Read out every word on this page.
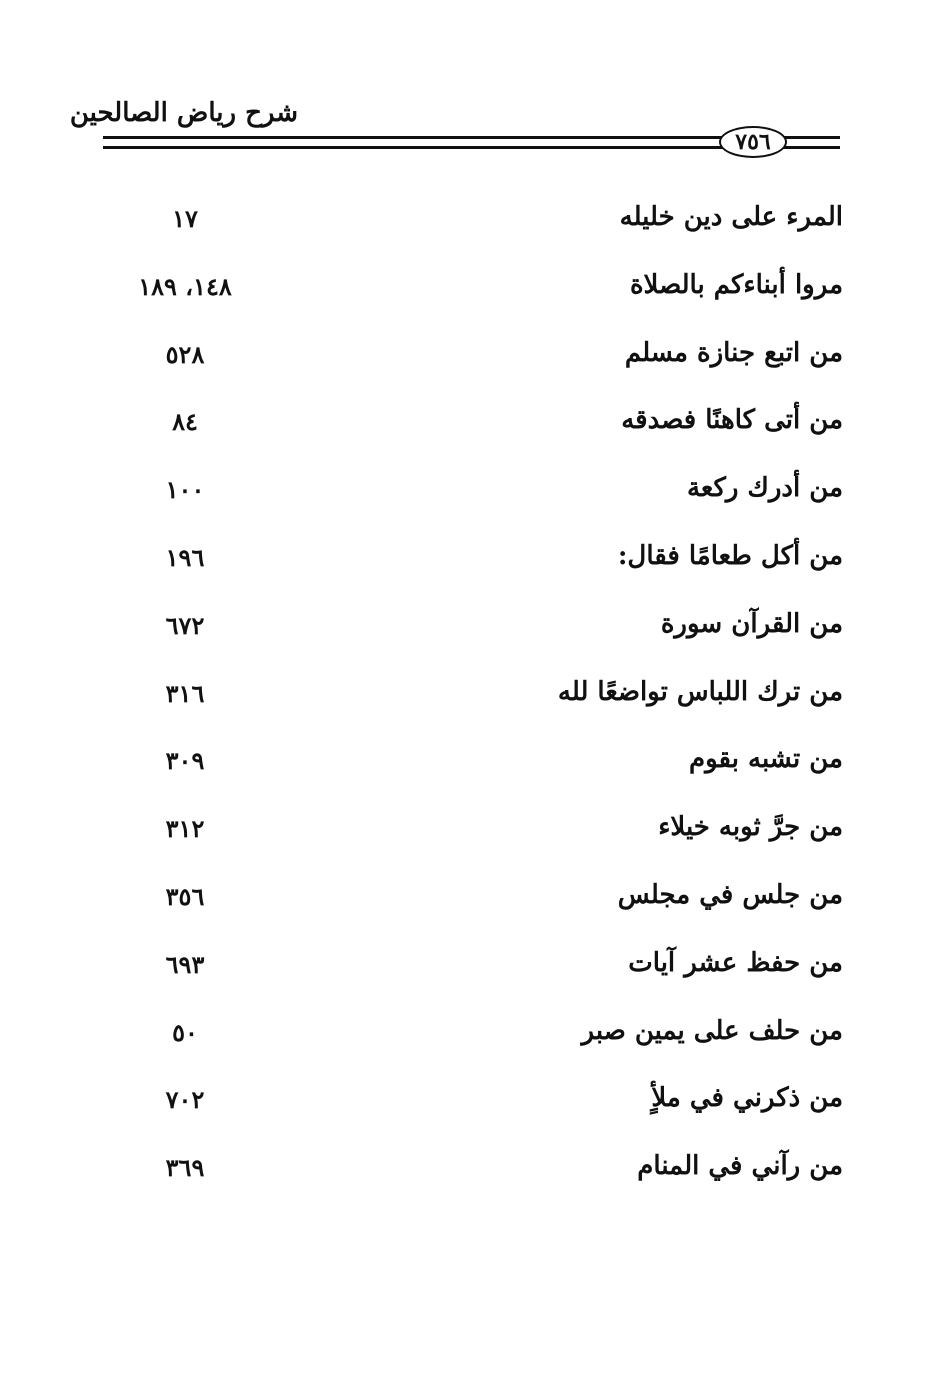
شرح رياض الصالحين
٧٥٦
المرء على دين خليله
١٧
مروا أبناءكم بالصلاة
١٤٨، ١٨٩
من اتبع جنازة مسلم
٥٢٨
من أتى كاهنًا فصدقه
٨٤
من أدرك ركعة
١٠٠
من أكل طعامًا فقال:
١٩٦
من القرآن سورة
٦٧٢
من ترك اللباس تواضعًا لله
٣١٦
من تشبه بقوم
٣٠٩
من جرَّ ثوبه خيلاء
٣١٢
من جلس في مجلس
٣٥٦
من حفظ عشر آيات
٦٩٣
من حلف على يمين صبر
٥٠
من ذكرني في ملأٍ
٧٠٢
من رآني في المنام
٣٦٩
